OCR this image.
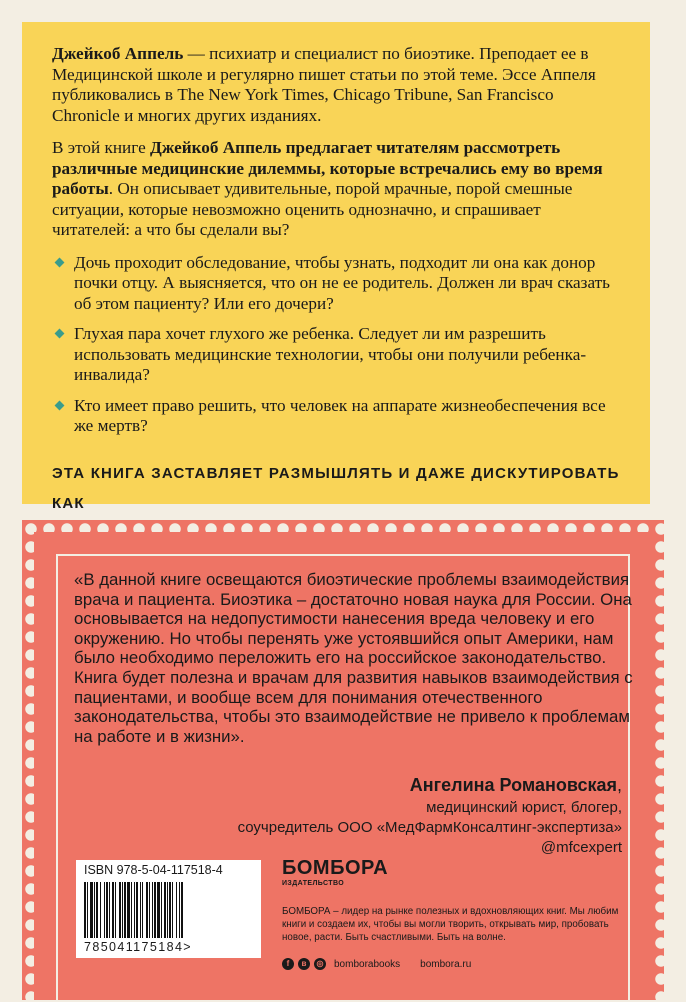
Джейкоб Аппель — психиатр и специалист по биоэтике. Преподает ее в Медицинской школе и регулярно пишет статьи по этой теме. Эссе Аппеля публиковались в The New York Times, Chicago Tribune, San Francisco Chronicle и многих других изданиях.

В этой книге Джейкоб Аппель предлагает читателям рассмотреть различные медицинские дилеммы, которые встречались ему во время работы. Он описывает удивительные, порой мрачные, порой смешные ситуации, которые невозможно оценить однозначно, и спрашивает читателей: а что бы сделали вы?

Дочь проходит обследование, чтобы узнать, подходит ли она как донор почки отцу. А выясняется, что он не ее родитель. Должен ли врач сказать об этом пациенту? Или его дочери?
Глухая пара хочет глухого же ребенка. Следует ли им разрешить использовать медицинские технологии, чтобы они получили ребенка-инвалида?
Кто имеет право решить, что человек на аппарате жизнеобеспечения все же мертв?
ЭТА КНИГА ЗАСТАВЛЯЕТ РАЗМЫШЛЯТЬ И ДАЖЕ ДИСКУТИРОВАТЬ КАК
«В данной книге освещаются биоэтические проблемы взаимодействия врача и пациента. Биоэтика – достаточно новая наука для России. Она основывается на недопустимости нанесения вреда человеку и его окружению. Но чтобы перенять уже устоявшийся опыт Америки, нам было необходимо переложить его на российское законодательство. Книга будет полезна и врачам для развития навыков взаимодействия с пациентами, и вообще всем для понимания отечественного законодательства, чтобы это взаимодействие не привело к проблемам на работе и в жизни».
Ангелина Романовская,
медицинский юрист, блогер,
соучредитель ООО «МедФармКонсалтинг-экспертиза»
@mfcexpert
ISBN 978-5-04-117518-4
785041175184>
БОМБОРА
ИЗДАТЕЛЬСТВО
БОМБОРА – лидер на рынке полезных и вдохновляющих книг. Мы любим книги и создаем их, чтобы вы могли творить, открывать мир, пробовать новое, расти. Быть счастливыми. Быть на волне.
f	в	◎ bomborabooks bombora.ru
